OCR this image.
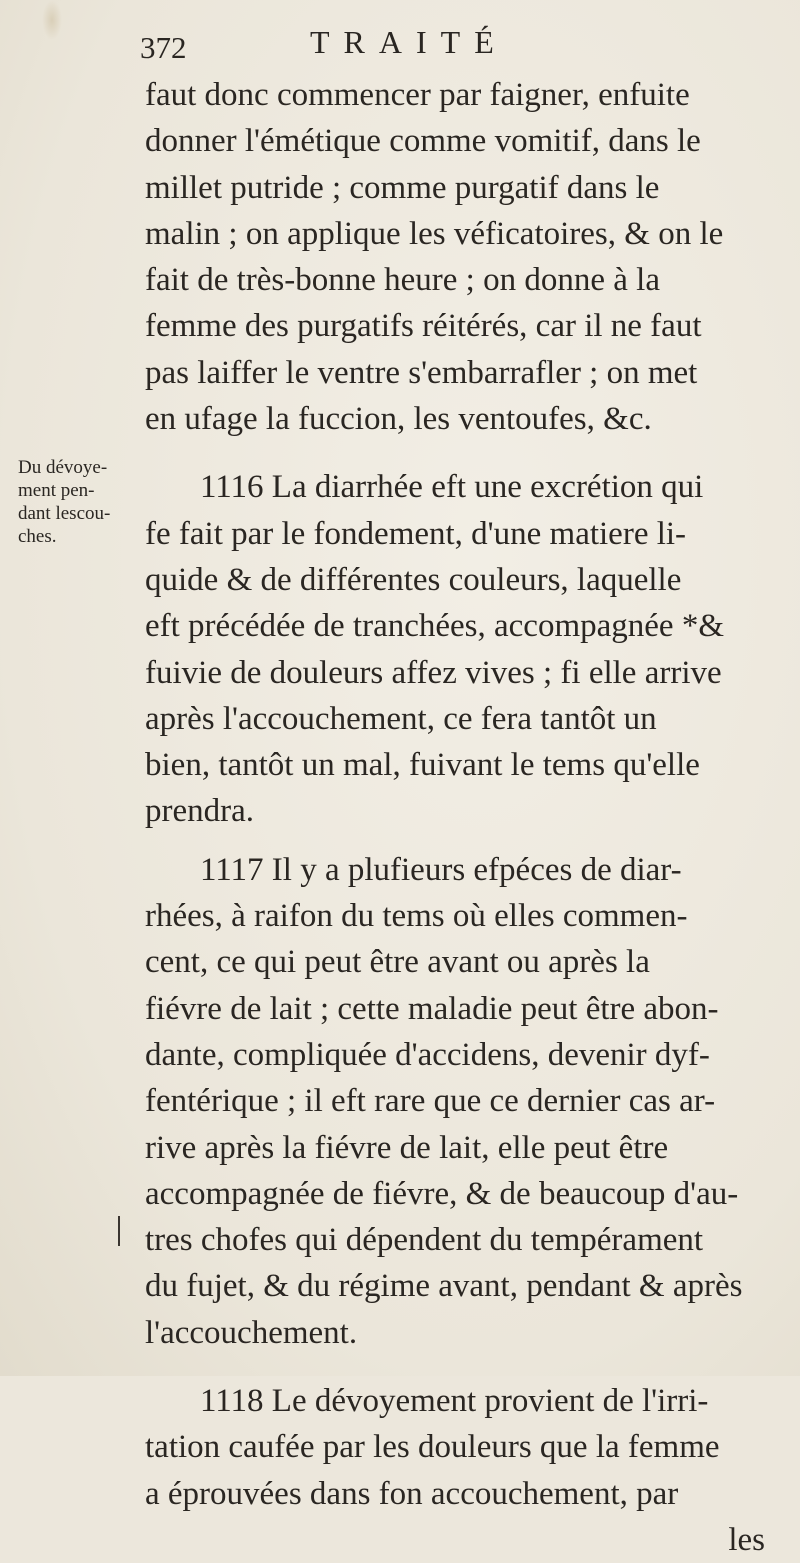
372	TRAITÉ
Du dévoye-
ment pen-
dant lescou-
ches.
faut donc commencer par faigner, enfuite
donner l'émétique comme vomitif, dans le
millet putride ; comme purgatif dans le
malin ; on applique les véficatoires, & on le
fait de très-bonne heure ; on donne à la
femme des purgatifs réitérés, car il ne faut
pas laiffer le ventre s'embarrafler ; on met
en ufage la fuccion, les ventoufes, &c.
1116 La diarrhée eft une excrétion qui
fe fait par le fondement, d'une matiere li-
quide & de différentes couleurs, laquelle
eft précédée de tranchées, accompagnée *&
fuivie de douleurs affez vives ; fi elle arrive
après l'accouchement, ce fera tantôt un
bien, tantôt un mal, fuivant le tems qu'elle
prendra.
1117 Il y a plufieurs efpéces de diar-
rhées, à raifon du tems où elles commen-
cent, ce qui peut être avant ou après la
fiévre de lait ; cette maladie peut être abon-
dante, compliquée d'accidens, devenir dyf-
fentérique ; il eft rare que ce dernier cas ar-
rive après la fiévre de lait, elle peut être
accompagnée de fiévre, & de beaucoup d'au-
tres chofes qui dépendent du tempérament
du fujet, & du régime avant, pendant & après
l'accouchement.
1118 Le dévoyement provient de l'irri-
tation caufée par les douleurs que la femme
a éprouvées dans fon accouchement, par
les
